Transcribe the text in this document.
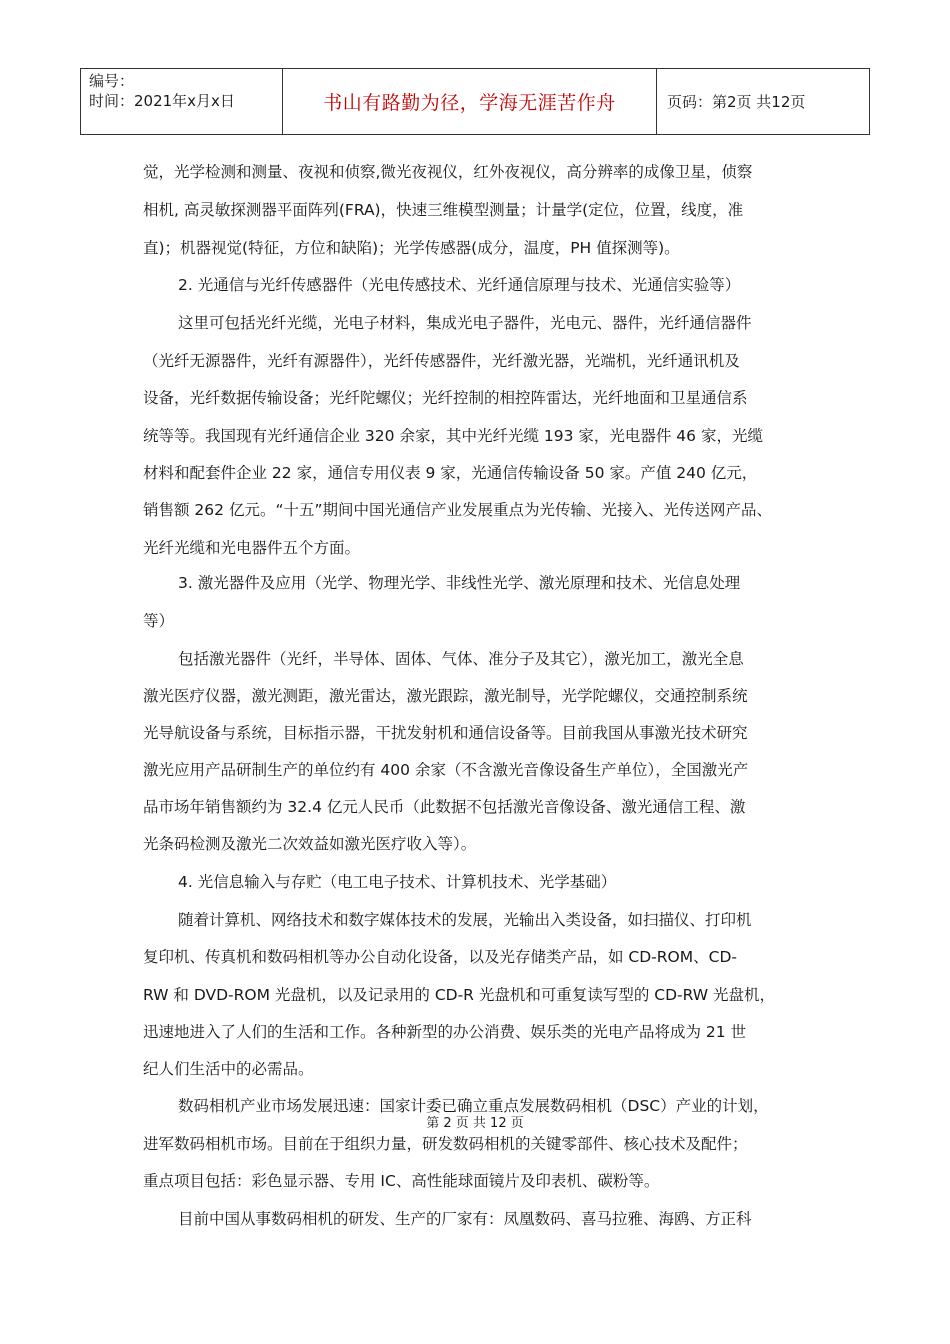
编号：
时间：2021年x月x日	书山有路勤为径，学海无涯苦作舟	页码：第2页 共12页
觉，光学检测和测量、夜视和侦察,微光夜视仪，红外夜视仪，高分辨率的成像卫星，侦察
相机, 高灵敏探测器平面阵列(FRA)，快速三维模型测量；计量学(定位，位置，线度，准
直)；机器视觉(特征，方位和缺陷)；光学传感器(成分，温度，PH 值探测等)。
2. 光通信与光纤传感器件（光电传感技术、光纤通信原理与技术、光通信实验等）
这里可包括光纤光缆，光电子材料，集成光电子器件，光电元、器件，光纤通信器件
（光纤无源器件，光纤有源器件），光纤传感器件，光纤激光器，光端机，光纤通讯机及
设备，光纤数据传输设备；光纤陀螺仪；光纤控制的相控阵雷达，光纤地面和卫星通信系
统等等。我国现有光纤通信企业 320 余家，其中光纤光缆 193 家，光电器件 46 家，光缆
材料和配套件企业 22 家，通信专用仪表 9 家，光通信传输设备 50 家。产值 240 亿元，
销售额 262 亿元。“十五”期间中国光通信产业发展重点为光传输、光接入、光传送网产品、
光纤光缆和光电器件五个方面。
3. 激光器件及应用（光学、物理光学、非线性光学、激光原理和技术、光信息处理
等）
包括激光器件（光纤，半导体、固体、气体、准分子及其它），激光加工，激光全息
激光医疗仪器，激光测距，激光雷达，激光跟踪，激光制导，光学陀螺仪，交通控制系统
光导航设备与系统，目标指示器，干扰发射机和通信设备等。目前我国从事激光技术研究
激光应用产品研制生产的单位约有 400 余家（不含激光音像设备生产单位），全国激光产
品市场年销售额约为 32.4 亿元人民币（此数据不包括激光音像设备、激光通信工程、激
光条码检测及激光二次效益如激光医疗收入等）。
4. 光信息输入与存贮（电工电子技术、计算机技术、光学基础）
随着计算机、网络技术和数字媒体技术的发展，光输出入类设备，如扫描仪、打印机
复印机、传真机和数码相机等办公自动化设备，以及光存储类产品，如 CD-ROM、CD-
RW 和 DVD-ROM 光盘机，以及记录用的 CD-R 光盘机和可重复读写型的 CD-RW 光盘机，
迅速地进入了人们的生活和工作。各种新型的办公消费、娱乐类的光电产品将成为 21 世
纪人们生活中的必需品。
数码相机产业市场发展迅速：国家计委已确立重点发展数码相机（DSC）产业的计划，
进军数码相机市场。目前在于组织力量，研发数码相机的关键零部件、核心技术及配件；
重点项目包括：彩色显示器、专用 IC、高性能球面镜片及印表机、碳粉等。
目前中国从事数码相机的研发、生产的厂家有：凤凰数码、喜马拉雅、海鸥、方正科
第 2 页 共 12 页
